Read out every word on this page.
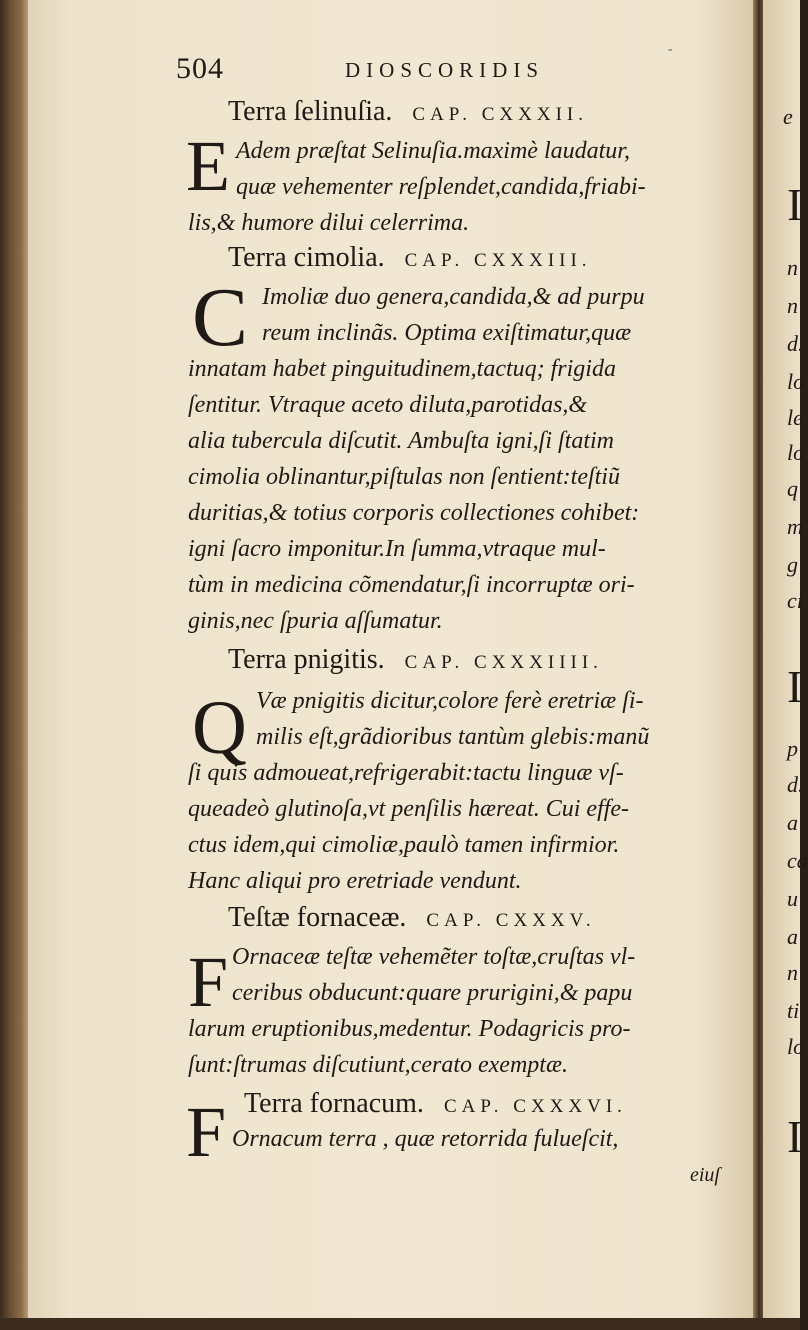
e
I
n
n
d.
lo
le
lo
q
m
g
ci
I
p
d.
a
ca
u
a
n
ti
lo
I
504	DIOSCORIDIS
-
Terra ſelinuſia. CAP. CXXXII.
E Adem præſtat Selinuſia.maximè laudatur,
quæ vehementer reſplendet,candida,friabi-
lis,& humore dilui celerrima.
Terra cimolia. CAP. CXXXIII.
C Imoliæ duo genera,candida,& ad purpu
reum inclinãs. Optima exiſtimatur,quæ
innatam habet pinguitudinem,tactuq; frigida
ſentitur. Vtraque aceto diluta,parotidas,&
alia tubercula diſcutit. Ambuſta igni,ſi ſtatim
cimolia oblinantur,piſtulas non ſentient:teſtiũ
duritias,& totius corporis collectiones cohibet:
igni ſacro imponitur.In ſumma,vtraque mul-
tùm in medicina cõmendatur,ſi incorruptæ ori-
ginis,nec ſpuria aſſumatur.
Terra pnigitis. CAP. CXXXIIII.
Q Væ pnigitis dicitur,colore ferè eretriæ ſi-
milis eſt,grãdioribus tantùm glebis:manũ
ſi quis admoueat,refrigerabit:tactu linguæ vſ-
queadeò glutinoſa,vt penſilis hæreat. Cui effe-
ctus idem,qui cimoliæ,paulò tamen infirmior.
Hanc aliqui pro eretriade vendunt.
Teſtæ fornaceæ. CAP. CXXXV.
F Ornaceæ teſtæ vehemẽter toſtæ,cruſtas vl-
ceribus obducunt:quare prurigini,& papu
larum eruptionibus,medentur. Podagricis pro-
ſunt:ſtrumas diſcutiunt,cerato exemptæ.
F Terra fornacum. CAP. CXXXVI.
Ornacum terra , quæ retorrida fulueſcit,
eiuſ
